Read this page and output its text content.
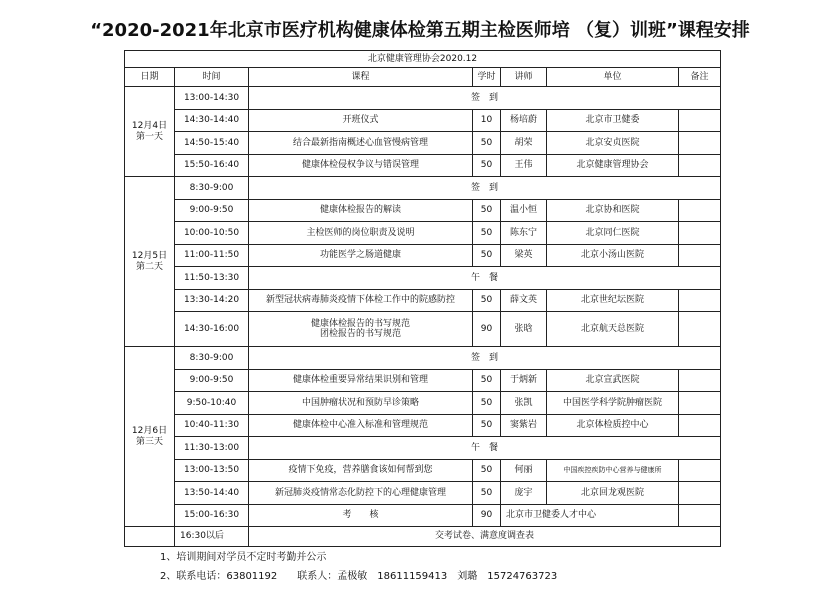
“2020-2021年北京市医疗机构健康体检第五期主检医师培 （复）训班”课程安排
北京健康管理协会2020.12						
日期	时间	课程	学时	讲师	单位	备注
12月4日
第一天	13:00-14:30	签　到				
	14:30-14:40	开班仪式	10	杨培蔚	北京市卫健委	
	14:50-15:40	结合最新指南概述心血管慢病管理	50	胡荣	北京安贞医院	
	15:50-16:40	健康体检侵权争议与错误管理	50	王伟	北京健康管理协会	
12月5日
第二天	8:30-9:00	签　到				
	9:00-9:50	健康体检报告的解读	50	温小恒	北京协和医院	
	10:00-10:50	主检医师的岗位职责及说明	50	陈东宁	北京同仁医院	
	11:00-11:50	功能医学之肠道健康	50	梁英	北京小汤山医院	
	11:50-13:30	午　餐				
	13:30-14:20	新型冠状病毒肺炎疫情下体检工作中的院感防控	50	薛文英	北京世纪坛医院	
	14:30-16:00	健康体检报告的书写规范
团检报告的书写规范	90	张晗	北京航天总医院	
12月6日
第三天	8:30-9:00	签　到				
	9:00-9:50	健康体检重要异常结果识别和管理	50	于炳新	北京宣武医院	
	9:50-10:40	中国肿瘤状况和预防早诊策略	50	张凯	中国医学科学院肿瘤医院	
	10:40-11:30	健康体检中心准入标准和管理规范	50	窦紫岩	北京体检质控中心	
	11:30-13:00	午　餐				
	13:00-13:50	疫情下免疫，营养膳食该如何帮到您	50	何丽	中国疾控疾防中心营养与健康所	
	13:50-14:40	新冠肺炎疫情常态化防控下的心理健康管理	50	庞宇	北京回龙观医院	
	15:00-16:30	考　　核	90	北京市卫健委人才中心		
	16:30以后	交考试卷、满意度调查表				
1、培训期间对学员不定时考勤并公示
2、联系电话：63801192　　联系人：孟极敏　18611159413　刘璐　15724763723
